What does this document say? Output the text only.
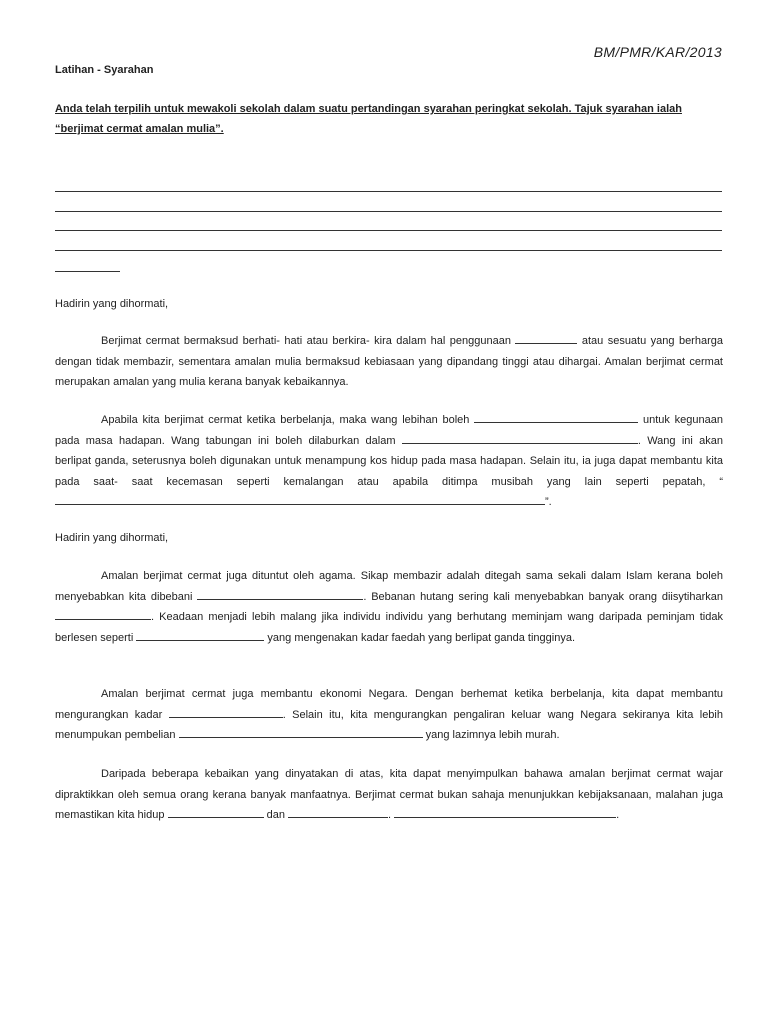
BM/PMR/KAR/2013
Latihan - Syarahan

Anda telah terpilih untuk mewakoli sekolah dalam suatu pertandingan syarahan peringkat sekolah. Tajuk syarahan ialah

“berjimat cermat amalan mulia”.

Hadirin yang dihormati,

Berjimat cermat bermaksud berhati- hati atau berkira- kira dalam hal penggunaan	atau sesuatu yang berharga dengan tidak membazir, sementara amalan mulia bermaksud kebiasaan yang dipandang tinggi atau dihargai. Amalan berjimat cermat merupakan amalan yang mulia kerana banyak kebaikannya.

Apabila kita berjimat cermat ketika berbelanja, maka wang lebihan boleh	untuk kegunaan pada masa hadapan. Wang tabungan ini boleh dilaburkan dalam	. Wang ini akan berlipat ganda, seterusnya boleh digunakan untuk menampung kos hidup pada masa hadapan. Selain itu, ia juga dapat membantu kita pada saat- saat kecemasan seperti kemalangan atau apabila ditimpa musibah yang lain seperti pepatah, “”.

Hadirin yang dihormati,

Amalan berjimat cermat juga dituntut oleh agama. Sikap membazir adalah ditegah sama sekali dalam Islam kerana boleh menyebabkan kita dibebani	. Bebanan hutang sering kali menyebabkan banyak orang diisytiharkan . Keadaan menjadi lebih malang jika individu individu yang berhutang meminjam wang daripada peminjam tidak berlesen seperti	yang mengenakan kadar faedah yang berlipat ganda tingginya.

Amalan berjimat cermat juga membantu ekonomi Negara. Dengan berhemat ketika berbelanja, kita dapat membantu mengurangkan kadar	. Selain itu, kita mengurangkan pengaliran keluar wang Negara sekiranya kita lebih menumpukan pembelian	yang lazimnya lebih murah.

Daripada beberapa kebaikan yang dinyatakan di atas, kita dapat menyimpulkan bahawa amalan berjimat cermat wajar dipraktikkan oleh semua orang kerana banyak manfaatnya. Berjimat cermat bukan sahaja menunjukkan kebijaksanaan, malahan juga memastikan kita hidup	dan	.	.
